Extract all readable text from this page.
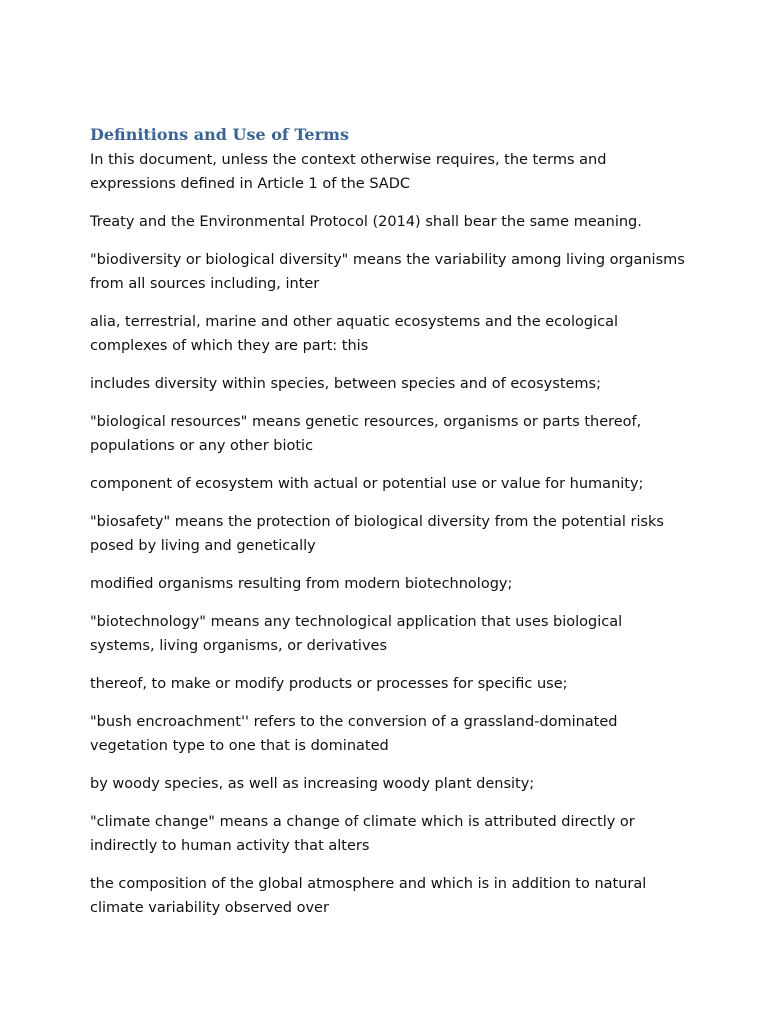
Definitions and Use of Terms

In this document, unless the context otherwise requires, the terms and expressions defined in Article 1 of the SADC

Treaty and the Environmental Protocol (2014) shall bear the same meaning.

"biodiversity or biological diversity" means the variability among living organisms from all sources including, inter

alia, terrestrial, marine and other aquatic ecosystems and the ecological complexes of which they are part: this

includes diversity within species, between species and of ecosystems;

"biological resources" means genetic resources, organisms or parts thereof, populations or any other biotic

component of ecosystem with actual or potential use or value for humanity;

"biosafety" means the protection of biological diversity from the potential risks posed by living and genetically

modified organisms resulting from modern biotechnology;

"biotechnology" means any technological application that uses biological systems, living organisms, or derivatives

thereof, to make or modify products or processes for specific use;

"bush encroachment'' refers to the conversion of a grassland-dominated vegetation type to one that is dominated

by woody species, as well as increasing woody plant density;

"climate change" means a change of climate which is attributed directly or indirectly to human activity that alters

the composition of the global atmosphere and which is in addition to natural climate variability observed over
